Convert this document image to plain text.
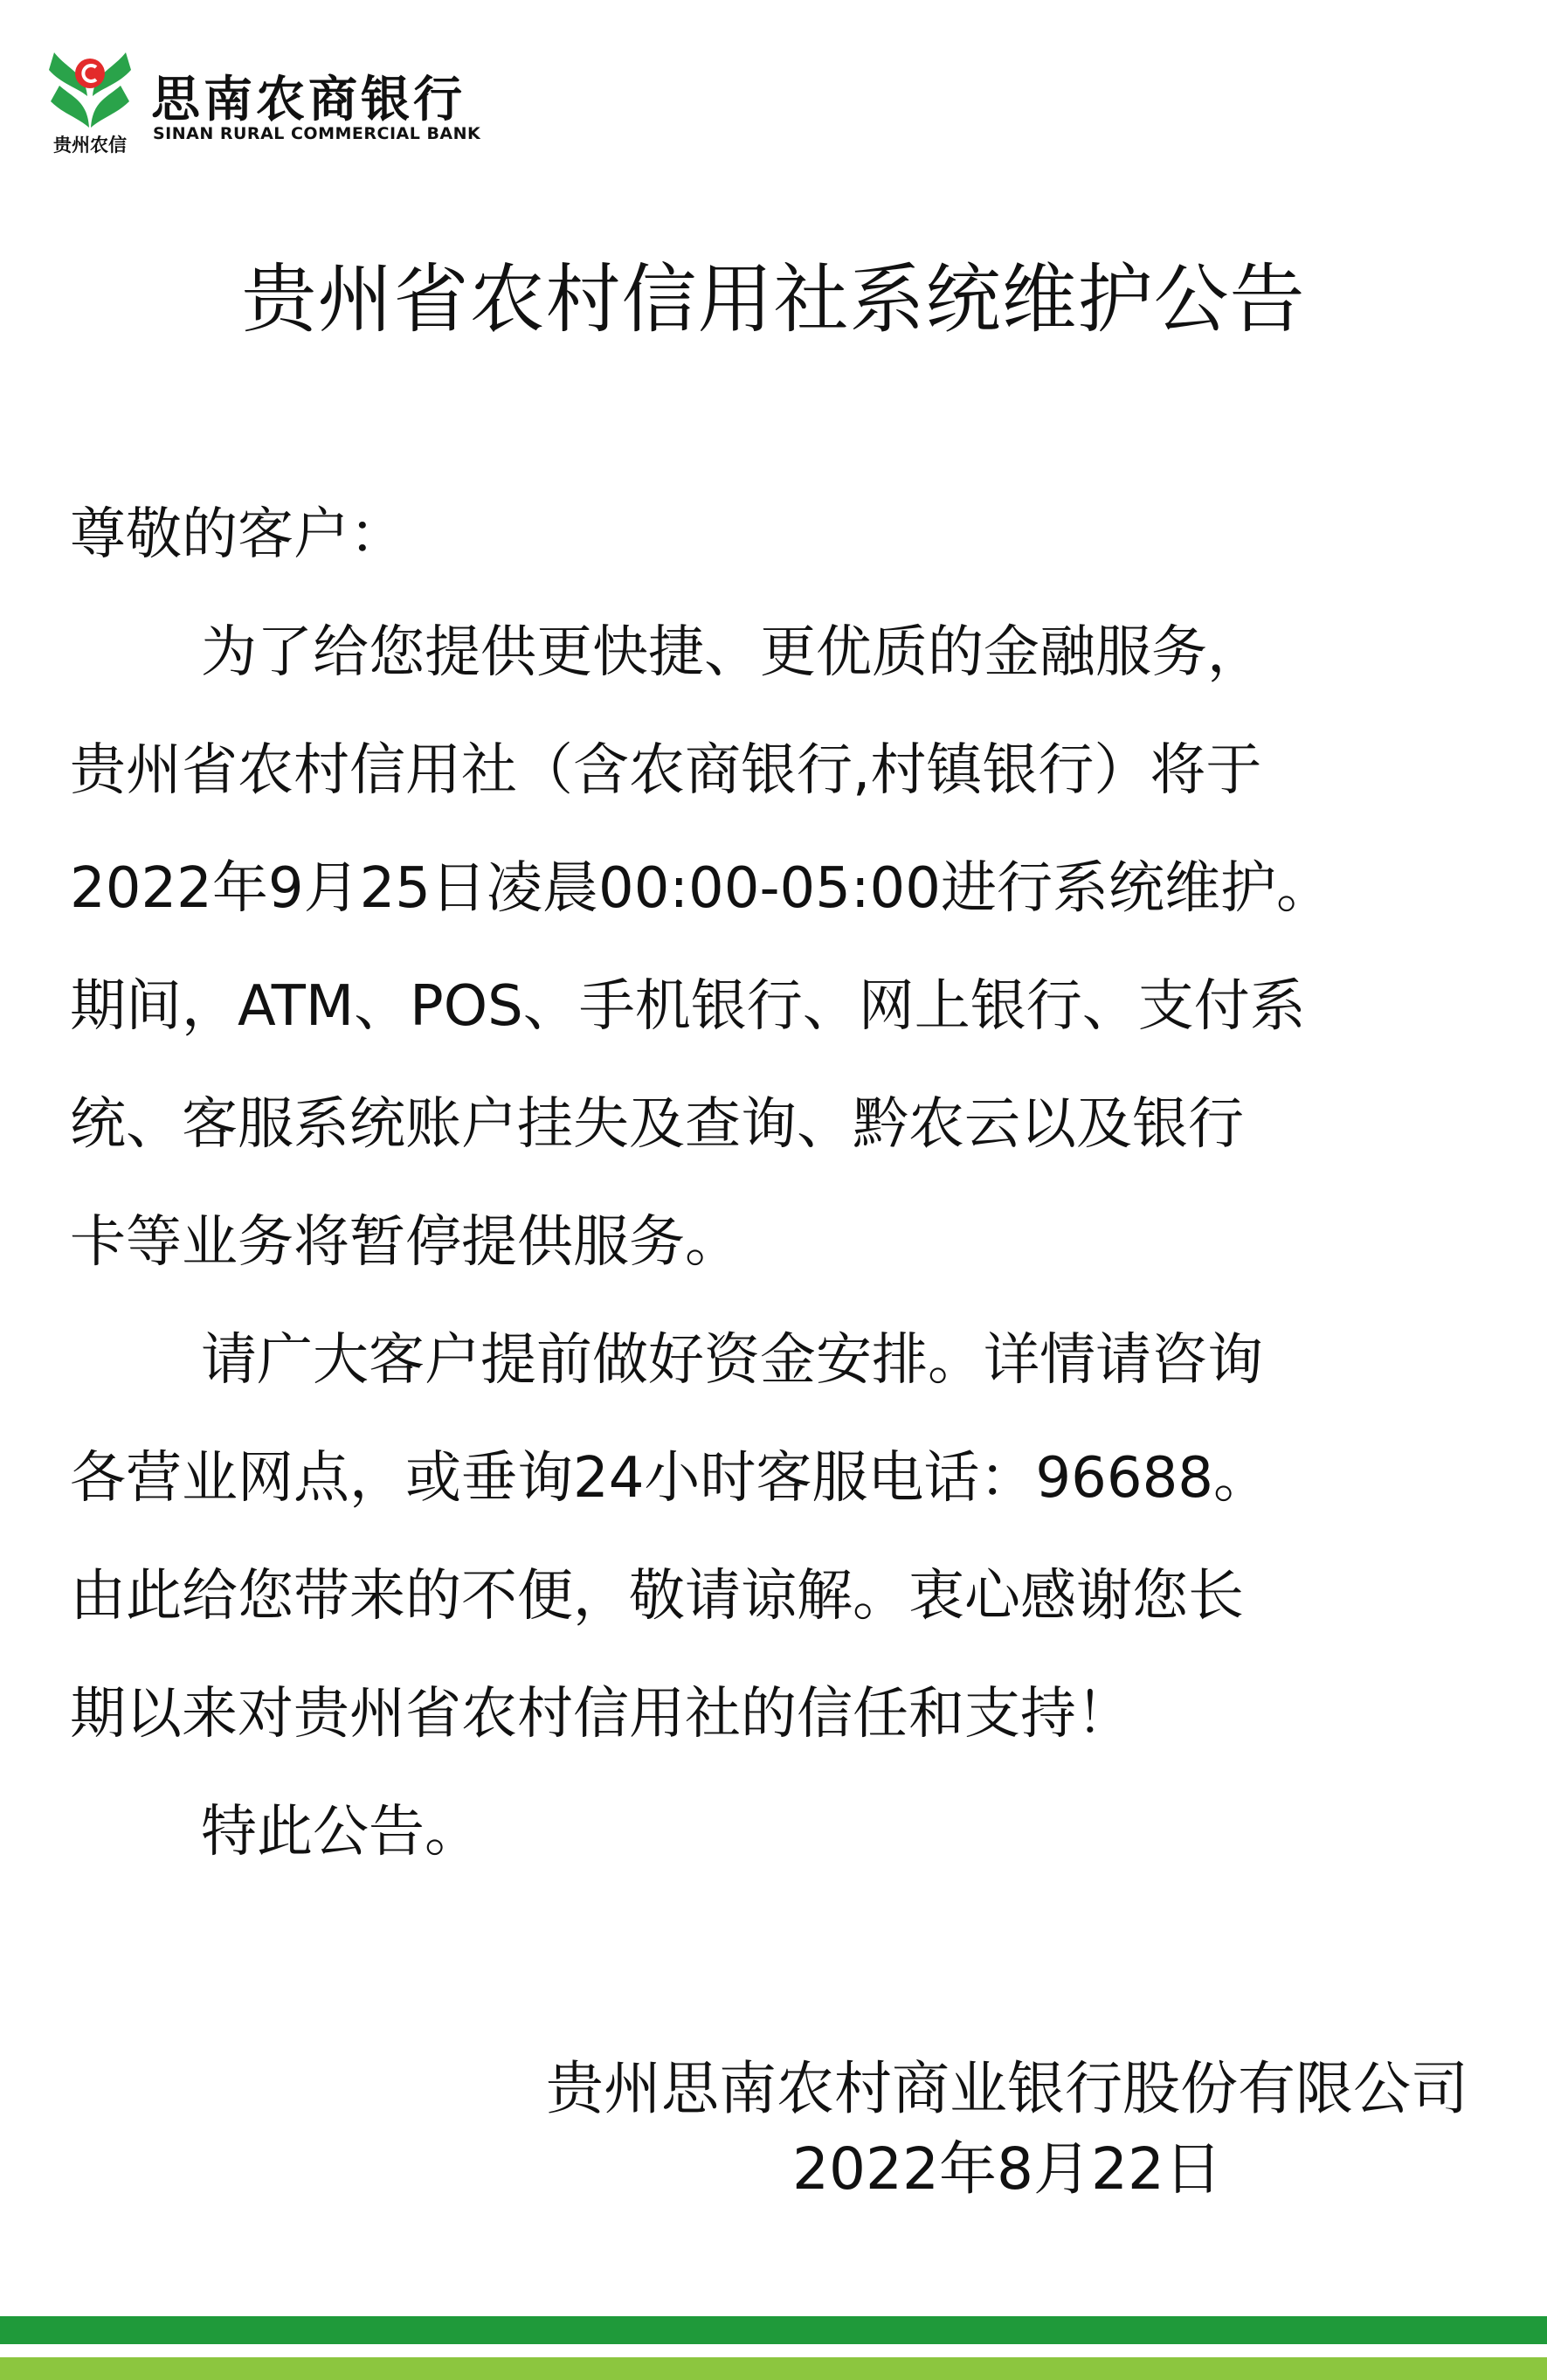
贵州农信
思南农商银行
SINAN RURAL COMMERCIAL BANK
贵州省农村信用社系统维护公告
尊敬的客户：
为了给您提供更快捷、更优质的金融服务，
贵州省农村信用社（含农商银行,村镇银行）将于
2022年9月25日凌晨00:00-05:00进行系统维护。
期间，ATM、POS、手机银行、网上银行、支付系
统、客服系统账户挂失及查询、黔农云以及银行
卡等业务将暂停提供服务。
请广大客户提前做好资金安排。详情请咨询
各营业网点，或垂询24小时客服电话：96688。
由此给您带来的不便，敬请谅解。衷心感谢您长
期以来对贵州省农村信用社的信任和支持！
特此公告。
贵州思南农村商业银行股份有限公司

2022年8月22日
